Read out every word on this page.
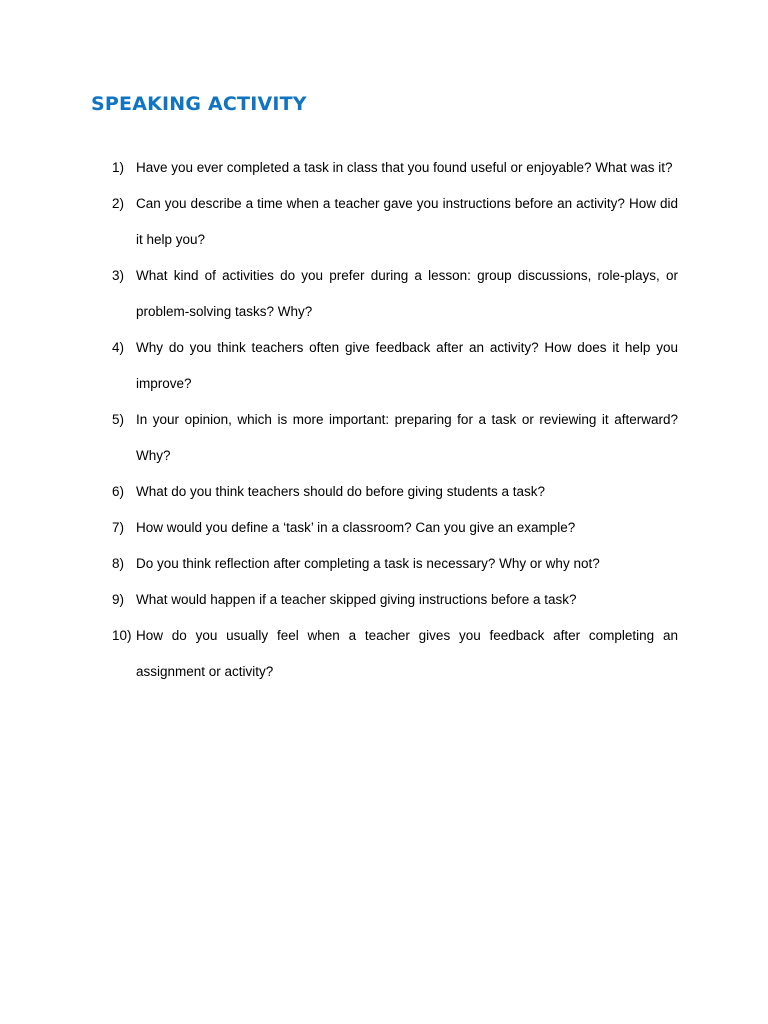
SPEAKING ACTIVITY
1) Have you ever completed a task in class that you found useful or enjoyable? What was it?
2) Can you describe a time when a teacher gave you instructions before an activity? How did it help you?
3) What kind of activities do you prefer during a lesson: group discussions, role-plays, or problem-solving tasks? Why?
4) Why do you think teachers often give feedback after an activity? How does it help you improve?
5) In your opinion, which is more important: preparing for a task or reviewing it afterward? Why?
6) What do you think teachers should do before giving students a task?
7) How would you define a ‘task’ in a classroom? Can you give an example?
8) Do you think reflection after completing a task is necessary? Why or why not?
9) What would happen if a teacher skipped giving instructions before a task?
10) How do you usually feel when a teacher gives you feedback after completing an assignment or activity?
